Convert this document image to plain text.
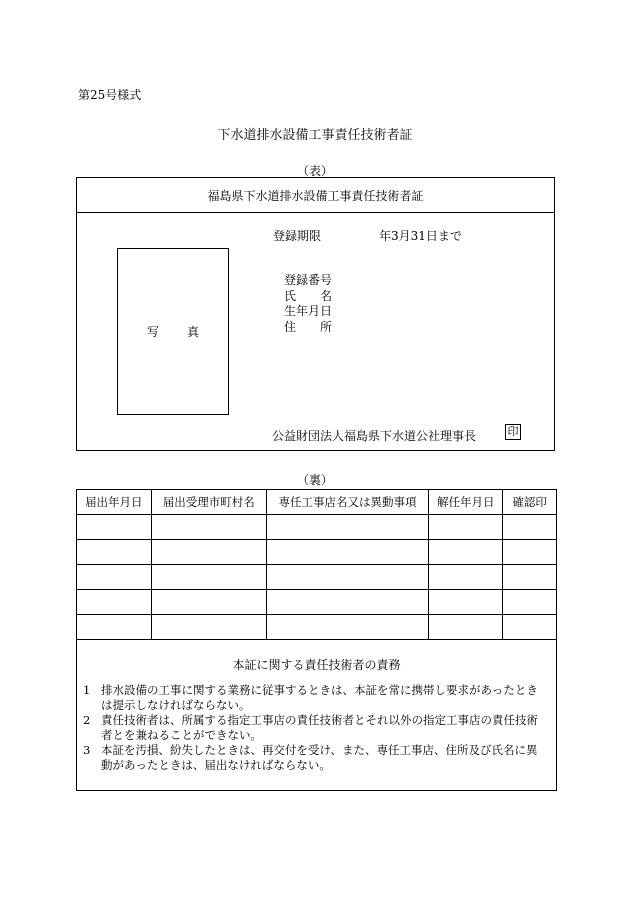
第25号様式
下水道排水設備工事責任技術者証
（表）
福島県下水道排水設備工事責任技術者証
登録期限	年3月31日まで
写真
登録番号
氏　　名
生年月日
住　　所
公益財団法人福島県下水道公社理事長	印
（裏）
届出年月日	届出受理市町村名	専任工事店名又は異動事項	解任年月日	確認印

本証に関する責任技術者の責務
1 排水設備の工事に関する業務に従事するときは、本証を常に携帯し要求があったときは提示しなければならない。
2 責任技術者は、所属する指定工事店の責任技術者とそれ以外の指定工事店の責任技術者とを兼ねることができない。
3 本証を汚損、紛失したときは、再交付を受け、また、専任工事店、住所及び氏名に異動があったときは、届出なければならない。
